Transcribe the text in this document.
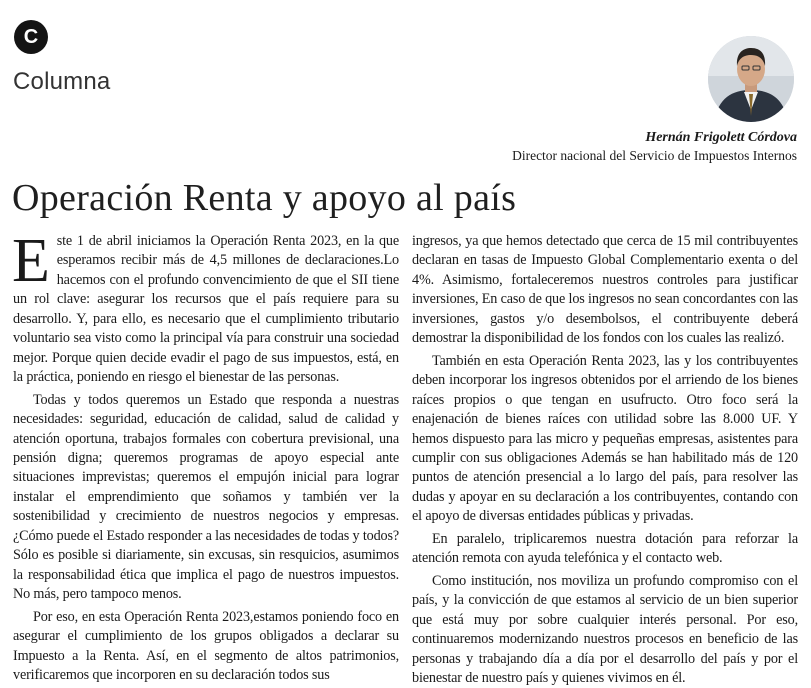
C
Columna
Hernán Frigolett Córdova
Director nacional del Servicio de Impuestos Internos
Operación Renta y apoyo al país

Este 1 de abril iniciamos la Operación Renta 2023, en la que esperamos recibir más de 4,5 millones de declaraciones.Lo hacemos con el profundo convencimiento de que el SII tiene un rol clave: asegurar los recursos que el país requiere para su desarrollo. Y, para ello, es necesario que el cumplimiento tributario voluntario sea visto como la principal vía para construir una sociedad mejor. Porque quien decide evadir el pago de sus impuestos, está, en la práctica, poniendo en riesgo el bienestar de las personas.

Todas y todos queremos un Estado que responda a nuestras necesidades: seguridad, educación de calidad, salud de calidad y atención oportuna, trabajos formales con cobertura previsional, una pensión digna; queremos programas de apoyo especial ante situaciones imprevistas; queremos el empujón inicial para lograr instalar el emprendimiento que soñamos y también ver la sostenibilidad y crecimiento de nuestros negocios y empresas. ¿Cómo puede el Estado responder a las necesidades de todas y todos? Sólo es posible si diariamente, sin excusas, sin resquicios, asumimos la responsabilidad ética que implica el pago de nuestros impuestos. No más, pero tampoco menos.

Por eso, en esta Operación Renta 2023,estamos poniendo foco en asegurar el cumplimiento de los grupos obligados a declarar su Impuesto a la Renta. Así, en el segmento de altos patrimonios, verificaremos que incorporen en su declaración todos sus

ingresos, ya que hemos detectado que cerca de 15 mil contribuyentes declaran en tasas de Impuesto Global Complementario exenta o del 4%. Asimismo, fortaleceremos nuestros controles para justificar inversiones, En caso de que los ingresos no sean concordantes con las inversiones, gastos y/o desembolsos, el contribuyente deberá demostrar la disponibilidad de los fondos con los cuales las realizó.

También en esta Operación Renta 2023, las y los contribuyentes deben incorporar los ingresos obtenidos por el arriendo de los bienes raíces propios o que tengan en usufructo. Otro foco será la enajenación de bienes raíces con utilidad sobre las 8.000 UF. Y hemos dispuesto para las micro y pequeñas empresas, asistentes para cumplir con sus obligaciones Además se han habilitado más de 120 puntos de atención presencial a lo largo del país, para resolver las dudas y apoyar en su declaración a los contribuyentes, contando con el apoyo de diversas entidades públicas y privadas.

En paralelo, triplicaremos nuestra dotación para reforzar la atención remota con ayuda telefónica y el contacto web.

Como institución, nos moviliza un profundo compromiso con el país, y la convicción de que estamos al servicio de un bien superior que está muy por sobre cualquier interés personal. Por eso, continuaremos modernizando nuestros procesos en beneficio de las personas y trabajando día a día por el desarrollo del país y por el bienestar de nuestro país y quienes vivimos en él.
